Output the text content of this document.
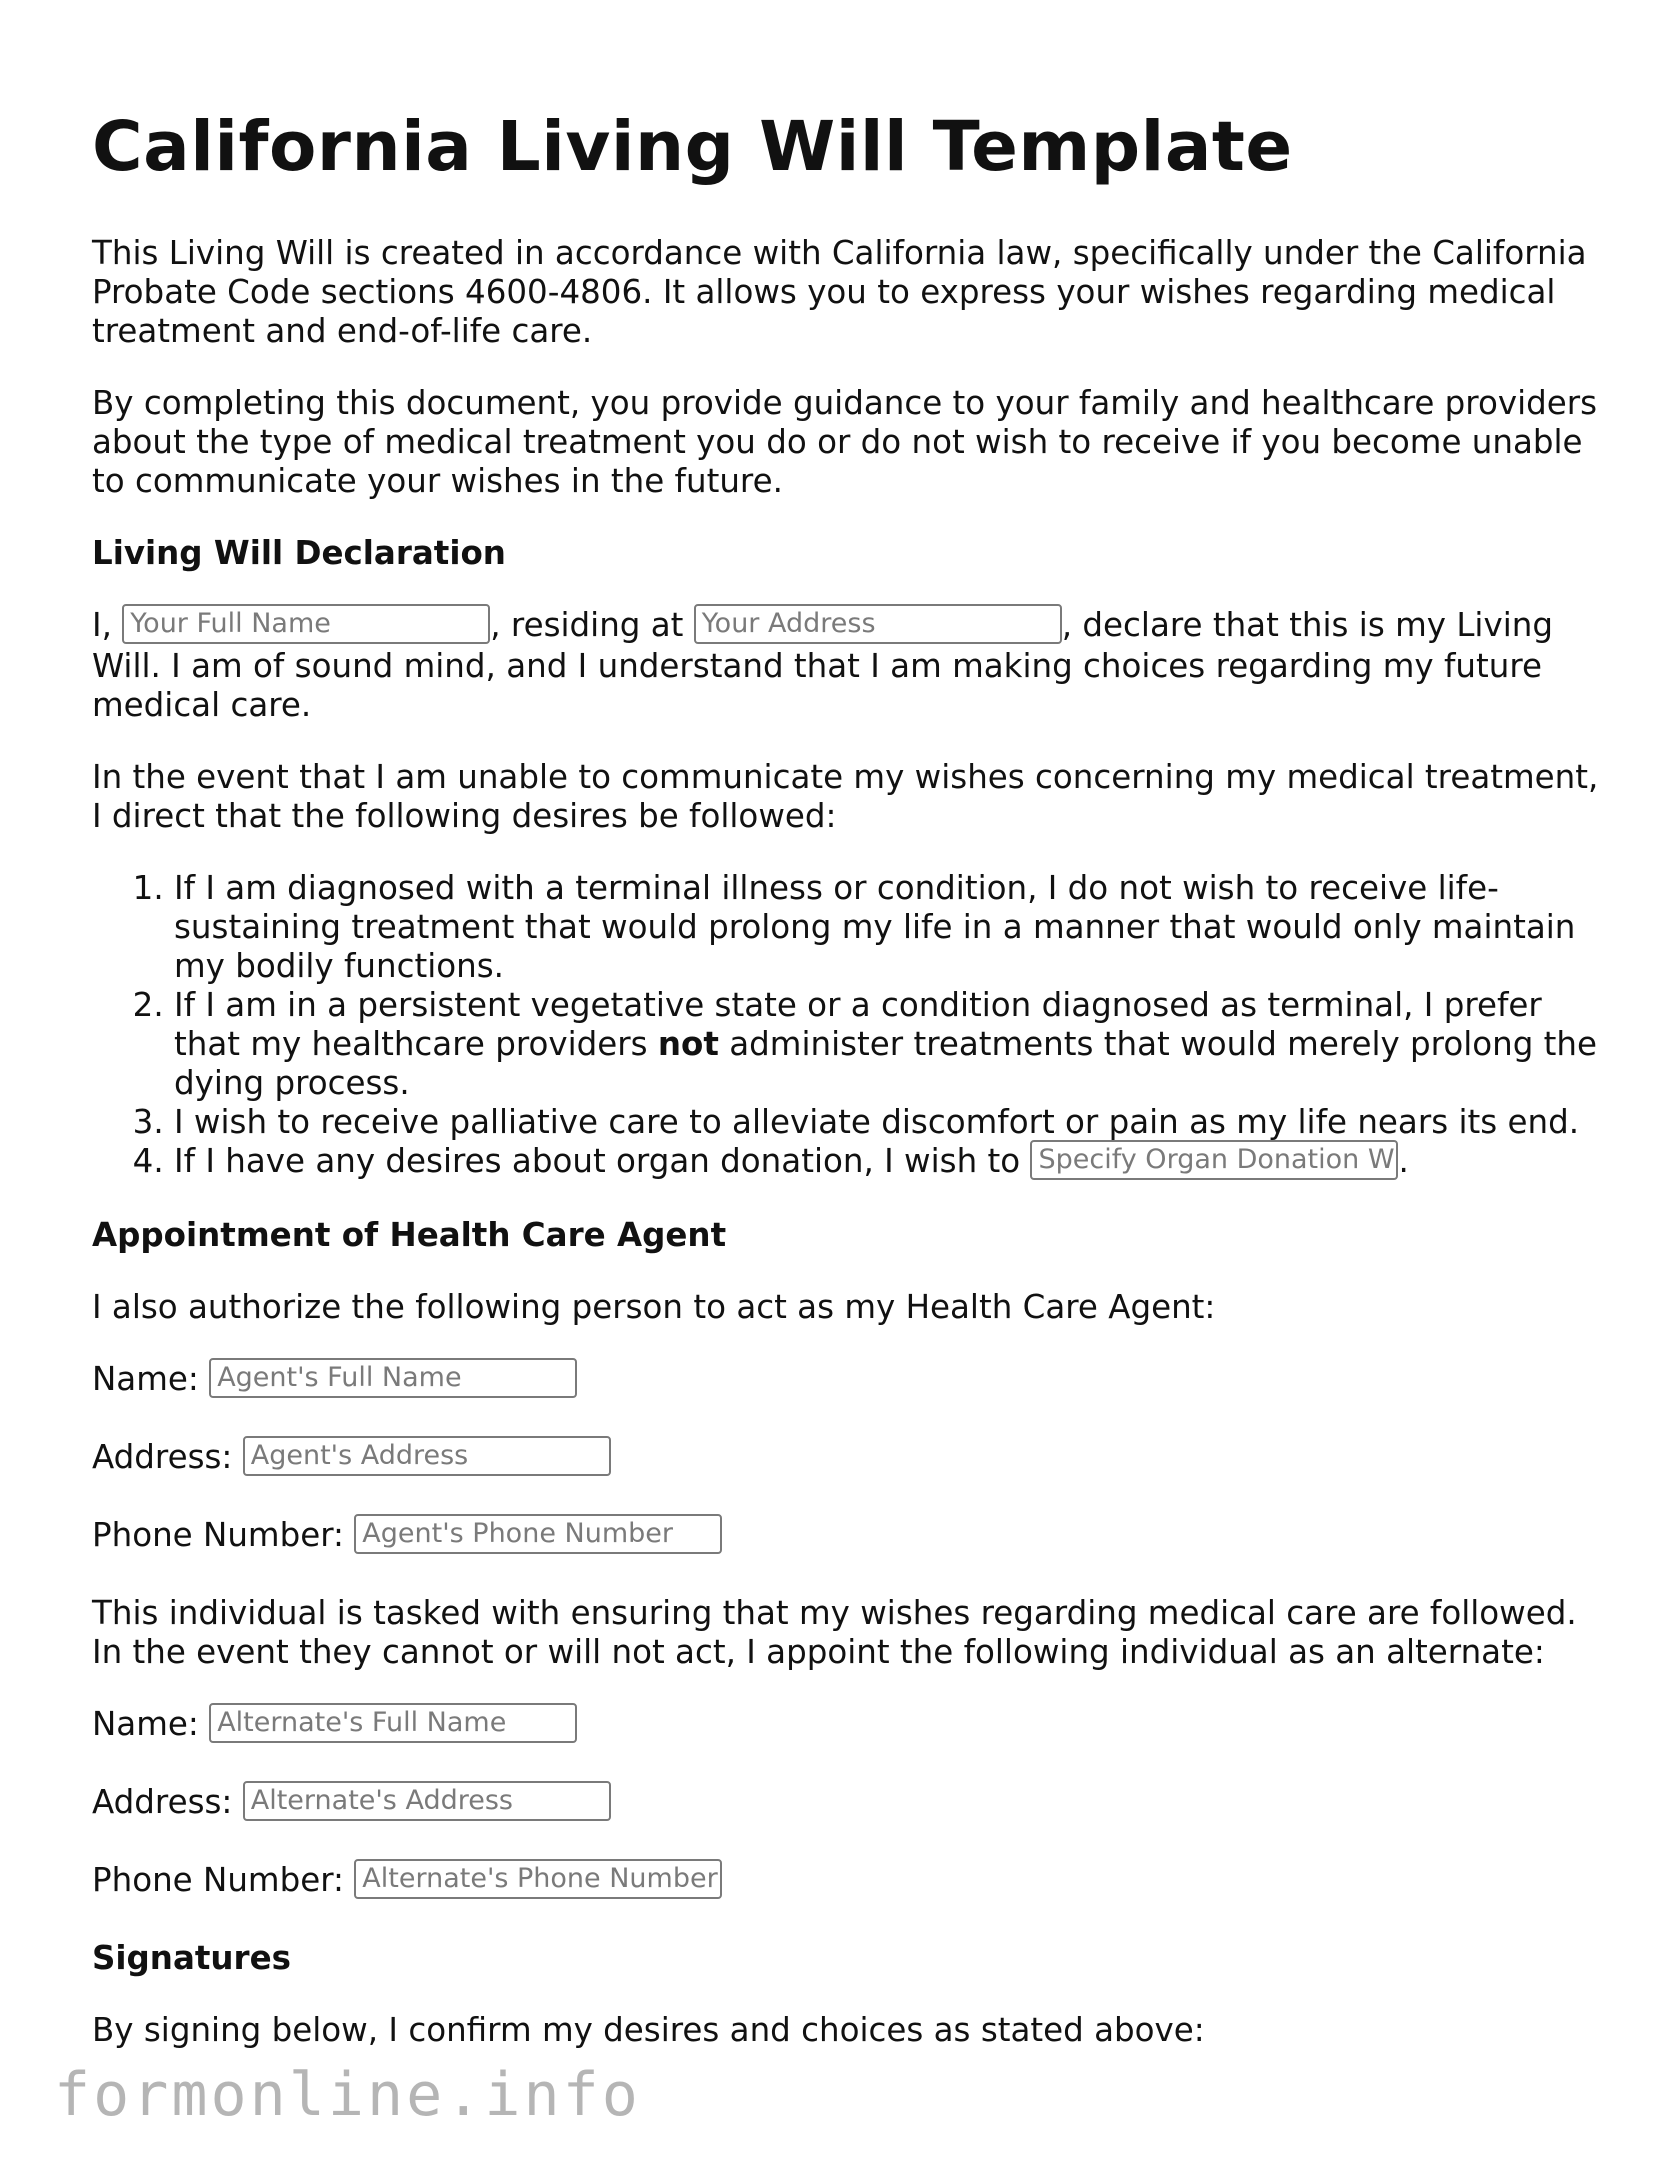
California Living Will Template

This Living Will is created in accordance with California law, specifically under the California Probate Code sections 4600-4806. It allows you to express your wishes regarding medical treatment and end-of-life care.

By completing this document, you provide guidance to your family and healthcare providers about the type of medical treatment you do or do not wish to receive if you become unable to communicate your wishes in the future.

Living Will Declaration

I, Your Full Name	, residing at Your Address	, declare that this is my Living Will. I am of sound mind, and I understand that I am making choices regarding my future medical care.

In the event that I am unable to communicate my wishes concerning my medical treatment, I direct that the following desires be followed:

1. If I am diagnosed with a terminal illness or condition, I do not wish to receive life-sustaining treatment that would prolong my life in a manner that would only maintain my bodily functions.
2. If I am in a persistent vegetative state or a condition diagnosed as terminal, I prefer that my healthcare providers not administer treatments that would merely prolong the dying process.
3. I wish to receive palliative care to alleviate discomfort or pain as my life nears its end.
4. If I have any desires about organ donation, I wish to Specify Organ Donation W .
Appointment of Health Care Agent

I also authorize the following person to act as my Health Care Agent:

Name: Agent's Full Name
Address: Agent's Address
Phone Number: Agent's Phone Number

This individual is tasked with ensuring that my wishes regarding medical care are followed. In the event they cannot or will not act, I appoint the following individual as an alternate:

Name: Alternate's Full Name
Address: Alternate's Address
Phone Number: Alternate's Phone Number
Signatures

By signing below, I confirm my desires and choices as stated above:

formonline.info
